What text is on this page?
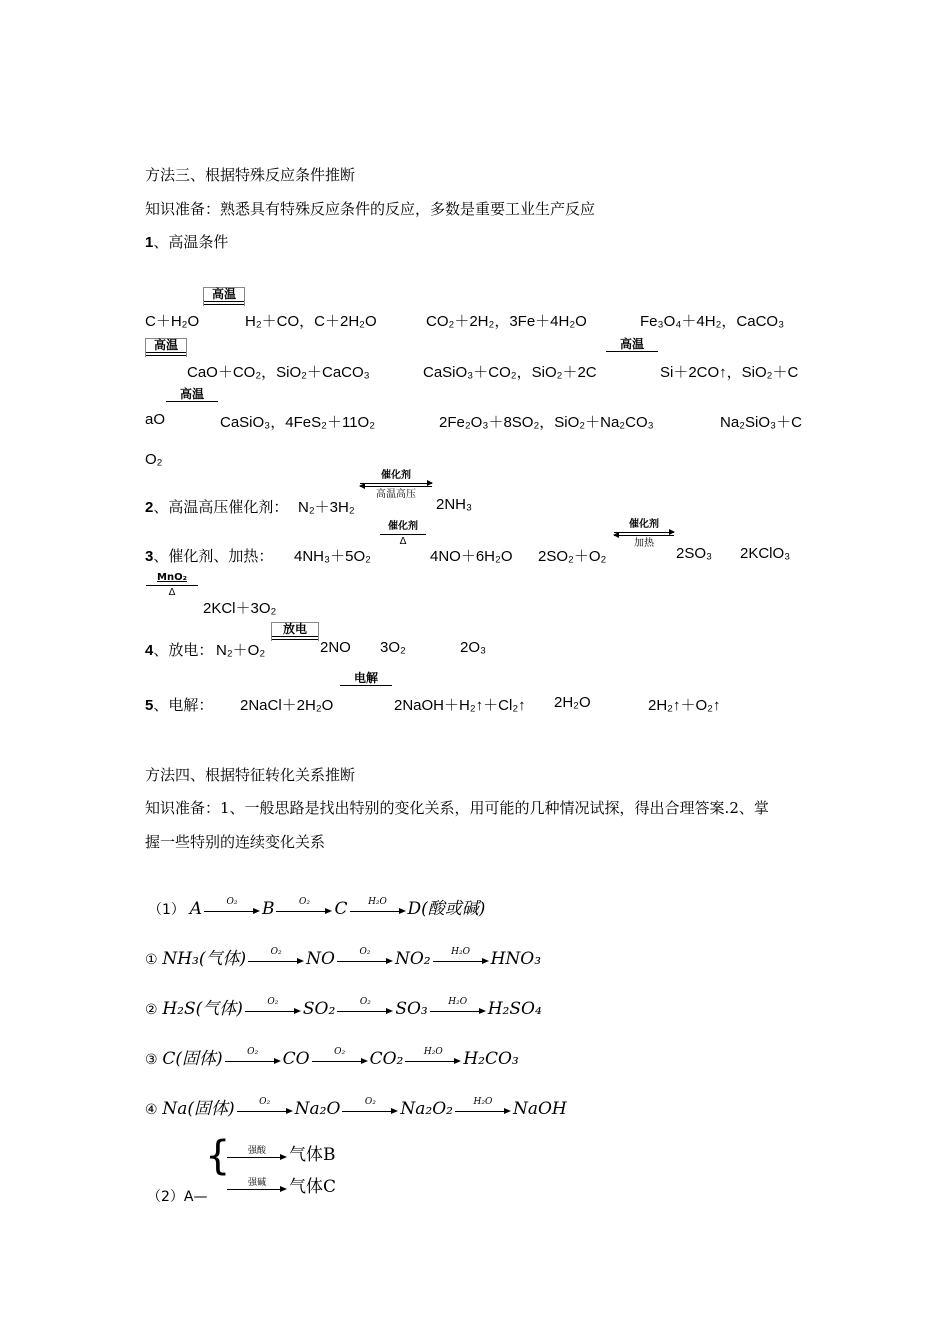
方法三、根据特殊反应条件推断
知识准备：熟悉具有特殊反应条件的反应，多数是重要工业生产反应
1、高温条件
C＋H₂O
高温
H₂＋CO，C＋2H₂O	CO₂＋2H₂，3Fe＋4H₂O	Fe₃O₄＋4H₂，CaCO₃
高温
CaO＋CO₂，SiO₂＋CaCO₃	CaSiO₃＋CO₂，SiO₂＋2C
高温
Si＋2CO↑，SiO₂＋C
aO
高温
CaSiO₃，4FeS₂＋11O₂	2Fe₂O₃＋8SO₂，SiO₂＋Na₂CO₃	Na₂SiO₃＋C
O₂
2、高温高压催化剂： N₂＋3H₂
催化剂
高温高压
2NH₃
3、催化剂、加热： 4NH₃＋5O₂
催化剂
Δ
4NO＋6H₂O 2SO₂＋O₂
催化剂
加热
2SO₃ 2KClO₃
MnO₂
Δ
2KCl＋3O₂
4、放电： N₂＋O₂
放电
2NO 3O₂	2O₃
5、电解： 2NaCl＋2H₂O
电解
2NaOH＋H₂↑＋Cl₂↑ 2H₂O	2H₂↑＋O₂↑
方法四、根据特征转化关系推断
知识准备：1、一般思路是找出特别的变化关系，用可能的几种情况试探，得出合理答案.2、掌
握一些特别的连续变化关系
（1） A	O₂	B	O₂	C	H₂O	D(酸或碱)
① NH₃(气体)	O₂	NO	O₂	NO₂	H₂O	HNO₃
② H₂S(气体)	O₂	SO₂	O₂	SO₃	H₂O	H₂SO₄
③ C(固体)	O₂	CO	O₂	CO₂	H₂O	H₂CO₃
④ Na(固体)	O₂	Na₂O	O₂	Na₂O₂	H₂O	NaOH
（2）A—
{	强酸	气体B
强碱	气体C
